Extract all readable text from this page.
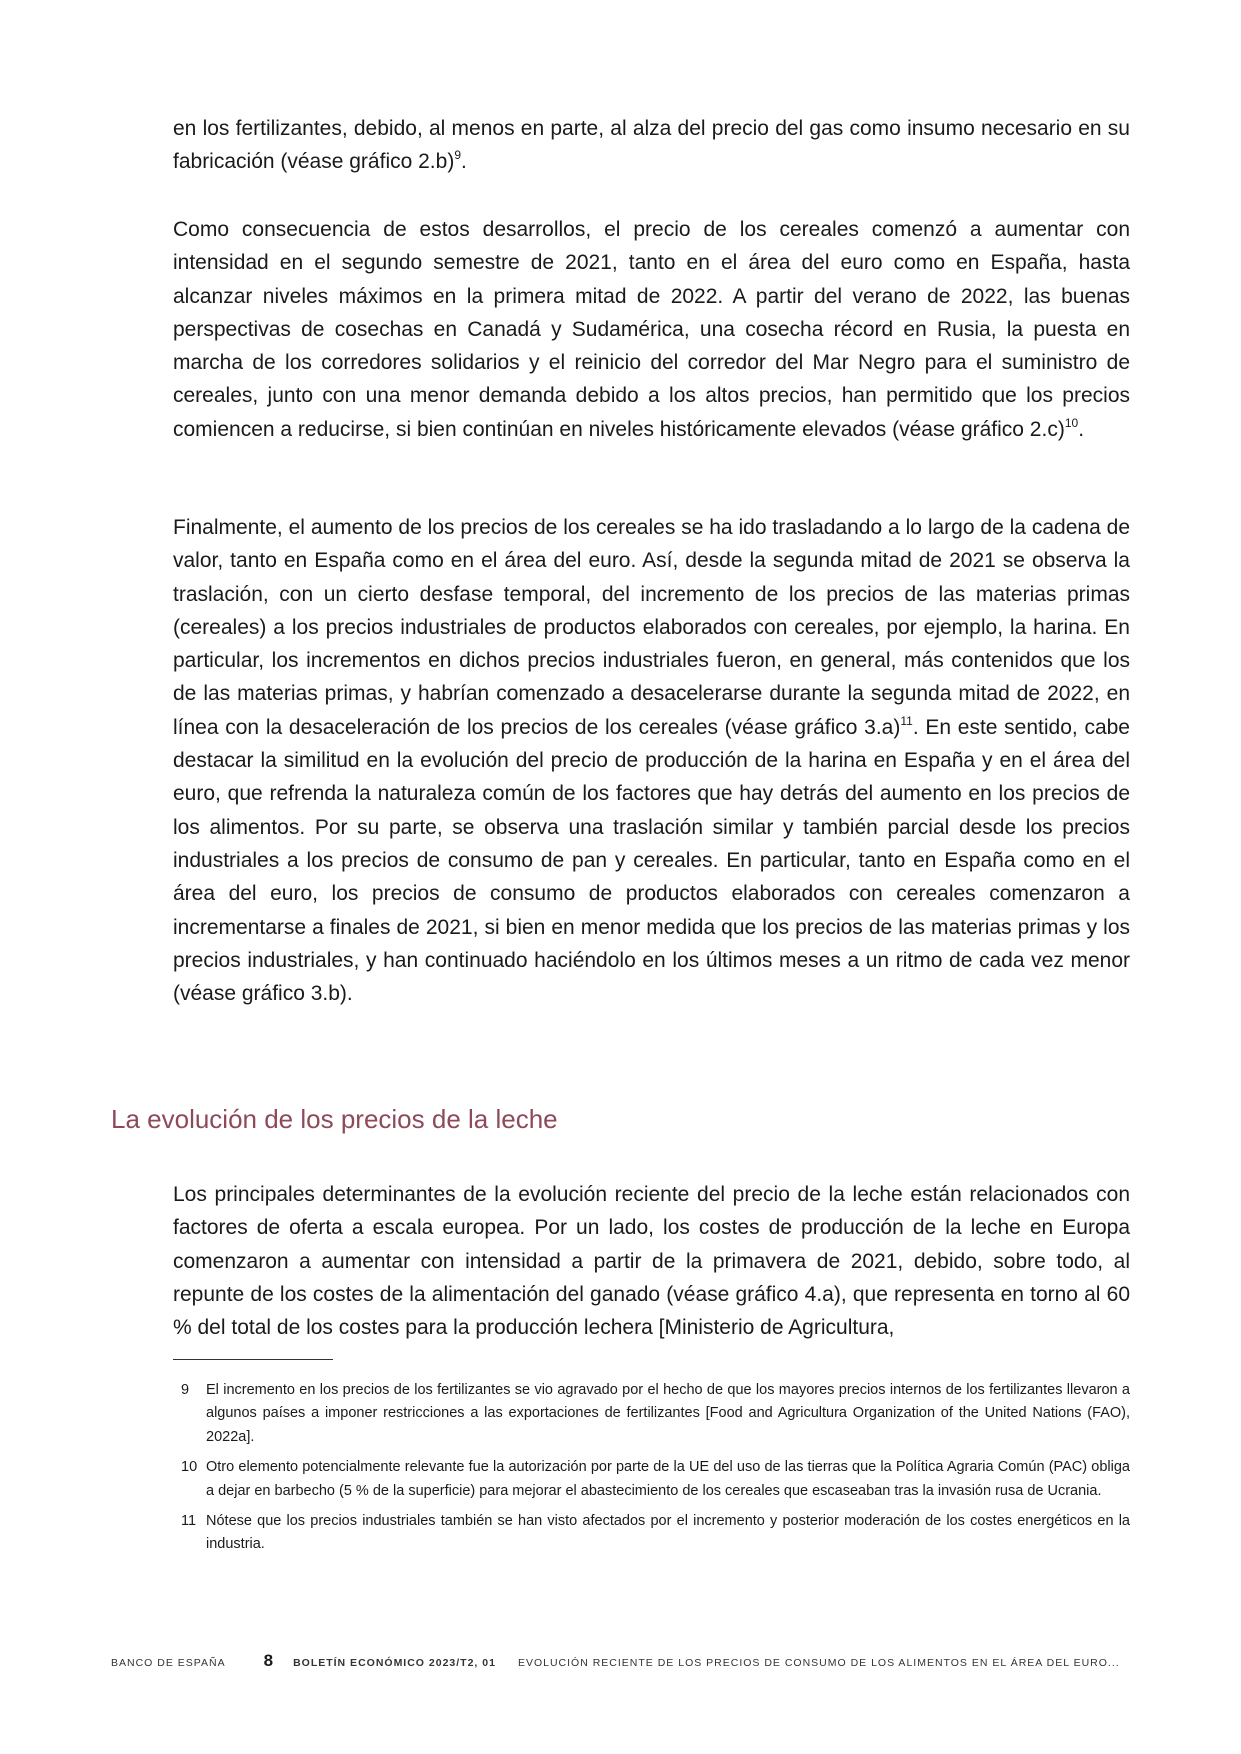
en los fertilizantes, debido, al menos en parte, al alza del precio del gas como insumo necesario en su fabricación (véase gráfico 2.b)$^9$.

Como consecuencia de estos desarrollos, el precio de los cereales comenzó a aumentar con intensidad en el segundo semestre de 2021, tanto en el área del euro como en España, hasta alcanzar niveles máximos en la primera mitad de 2022. A partir del verano de 2022, las buenas perspectivas de cosechas en Canadá y Sudamérica, una cosecha récord en Rusia, la puesta en marcha de los corredores solidarios y el reinicio del corredor del Mar Negro para el suministro de cereales, junto con una menor demanda debido a los altos precios, han permitido que los precios comiencen a reducirse, si bien continúan en niveles históricamente elevados (véase gráfico 2.c)$^{10}$.

Finalmente, el aumento de los precios de los cereales se ha ido trasladando a lo largo de la cadena de valor, tanto en España como en el área del euro. Así, desde la segunda mitad de 2021 se observa la traslación, con un cierto desfase temporal, del incremento de los precios de las materias primas (cereales) a los precios industriales de productos elaborados con cereales, por ejemplo, la harina. En particular, los incrementos en dichos precios industriales fueron, en general, más contenidos que los de las materias primas, y habrían comenzado a desacelerarse durante la segunda mitad de 2022, en línea con la desaceleración de los precios de los cereales (véase gráfico 3.a)$^{11}$. En este sentido, cabe destacar la similitud en la evolución del precio de producción de la harina en España y en el área del euro, que refrenda la naturaleza común de los factores que hay detrás del aumento en los precios de los alimentos. Por su parte, se observa una traslación similar y también parcial desde los precios industriales a los precios de consumo de pan y cereales. En particular, tanto en España como en el área del euro, los precios de consumo de productos elaborados con cereales comenzaron a incrementarse a finales de 2021, si bien en menor medida que los precios de las materias primas y los precios industriales, y han continuado haciéndolo en los últimos meses a un ritmo de cada vez menor (véase gráfico 3.b).

La evolución de los precios de la leche

Los principales determinantes de la evolución reciente del precio de la leche están relacionados con factores de oferta a escala europea. Por un lado, los costes de producción de la leche en Europa comenzaron a aumentar con intensidad a partir de la primavera de 2021, debido, sobre todo, al repunte de los costes de la alimentación del ganado (véase gráfico 4.a), que representa en torno al 60 % del total de los costes para la producción lechera [Ministerio de Agricultura,

9	El incremento en los precios de los fertilizantes se vio agravado por el hecho de que los mayores precios internos de los fertilizantes llevaron a algunos países a imponer restricciones a las exportaciones de fertilizantes [Food and Agricultura Organization of the United Nations (FAO), 2022a].
10 Otro elemento potencialmente relevante fue la autorización por parte de la UE del uso de las tierras que la Política Agraria Común (PAC) obliga a dejar en barbecho (5 % de la superficie) para mejorar el abastecimiento de los cereales que escaseaban tras la invasión rusa de Ucrania.
11 Nótese que los precios industriales también se han visto afectados por el incremento y posterior moderación de los costes energéticos en la industria.
BANCO DE ESPAÑA 8 BOLETÍN ECONÓMICO 2023/T2, 01 EVOLUCIÓN RECIENTE DE LOS PRECIOS DE CONSUMO DE LOS ALIMENTOS EN EL ÁREA DEL EURO...
